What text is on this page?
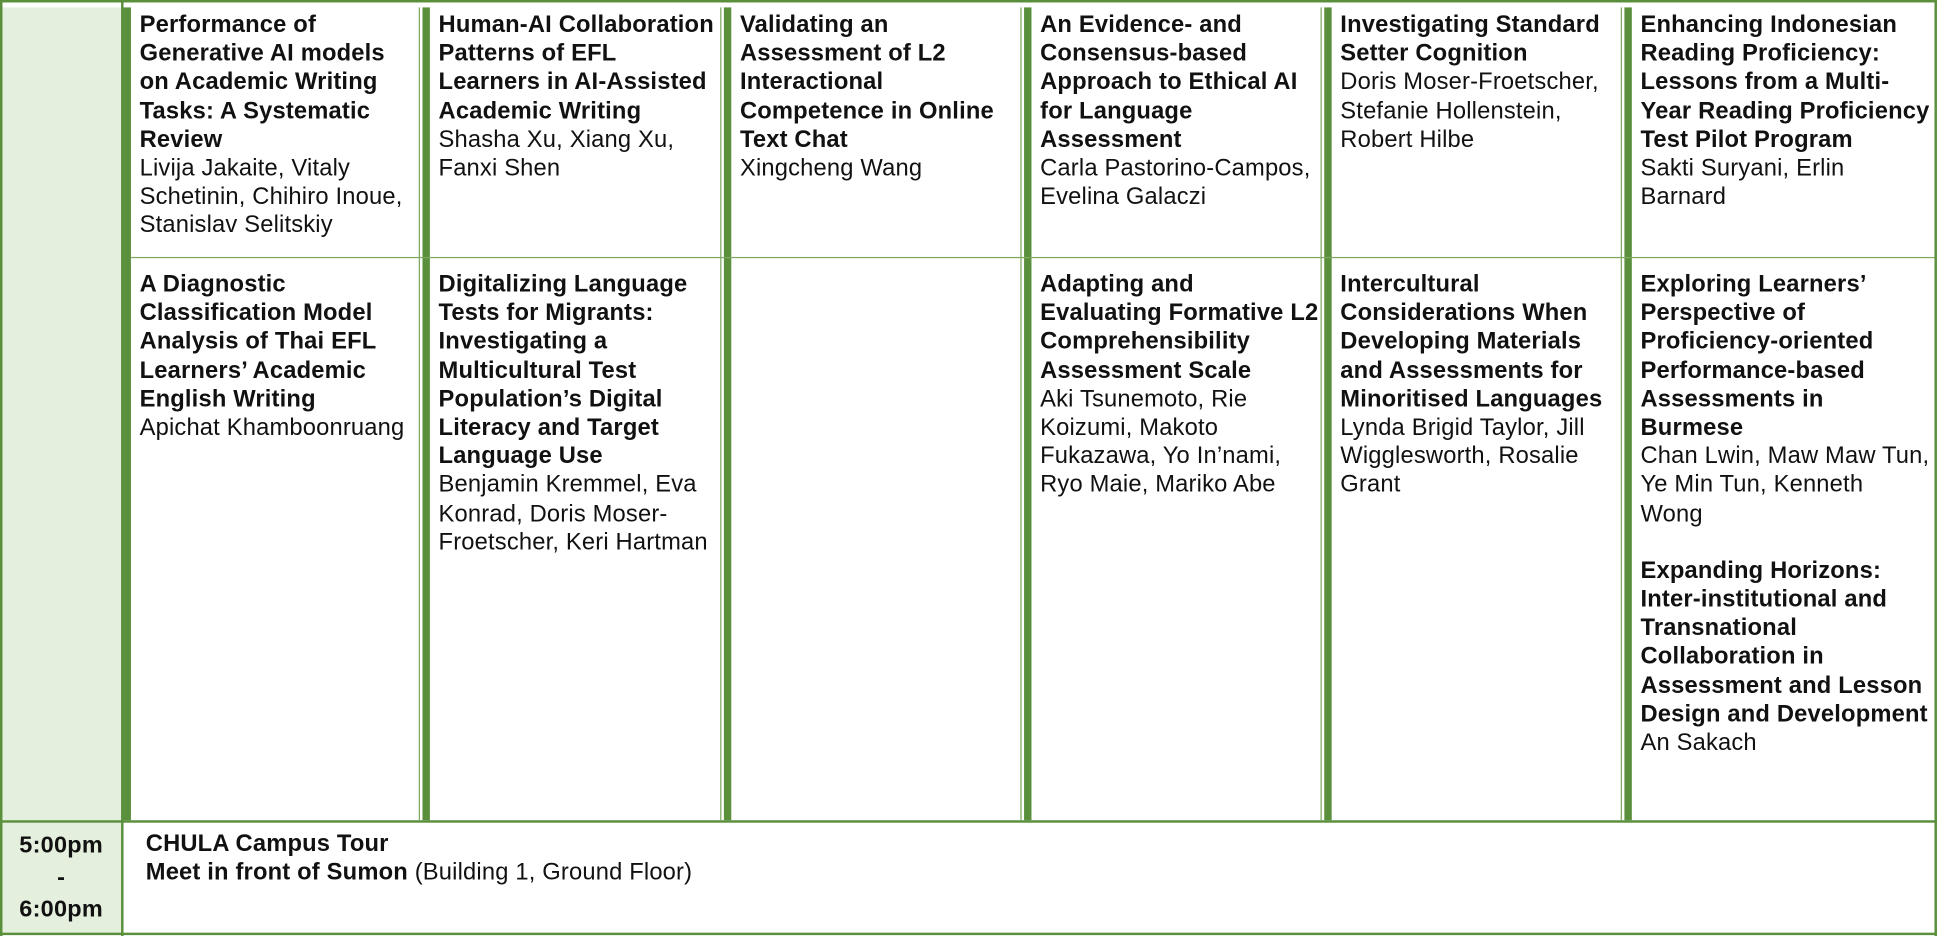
5:00pm
-
6:00pm
Performance of Generative AI models on Academic Writing Tasks: A Systematic Review
Livija Jakaite, Vitaly Schetinin, Chihiro Inoue, Stanislav Selitskiy
A Diagnostic Classification Model Analysis of Thai EFL Learners’ Academic English Writing
Apichat Khamboonruang
Human-AI Collaboration Patterns of EFL Learners in AI-Assisted Academic Writing
Shasha Xu, Xiang Xu, Fanxi Shen
Digitalizing Language Tests for Migrants: Investigating a Multicultural Test Population’s Digital Literacy and Target Language Use
Benjamin Kremmel, Eva Konrad, Doris Moser-Froetscher, Keri Hartman
Validating an Assessment of L2 Interactional Competence in Online Text Chat
Xingcheng Wang
An Evidence- and Consensus-based Approach to Ethical AI for Language Assessment
Carla Pastorino-Campos, Evelina Galaczi
Adapting and Evaluating Formative L2 Comprehensibility Assessment Scale
Aki Tsunemoto, Rie Koizumi, Makoto Fukazawa, Yo In’nami, Ryo Maie, Mariko Abe
Investigating Standard Setter Cognition
Doris Moser-Froetscher, Stefanie Hollenstein, Robert Hilbe
Intercultural Considerations When Developing Materials and Assessments for Minoritised Languages
Lynda Brigid Taylor, Jill Wigglesworth, Rosalie Grant
Enhancing Indonesian Reading Proficiency: Lessons from a Multi-Year Reading Proficiency Test Pilot Program
Sakti Suryani, Erlin Barnard
Exploring Learners’ Perspective of Proficiency-oriented Performance-based Assessments in Burmese
Chan Lwin, Maw Maw Tun, Ye Min Tun, Kenneth Wong
Expanding Horizons: Inter-institutional and Transnational Collaboration in Assessment and Lesson Design and Development
An Sakach
CHULA Campus Tour
Meet in front of Sumon (Building 1, Ground Floor)
